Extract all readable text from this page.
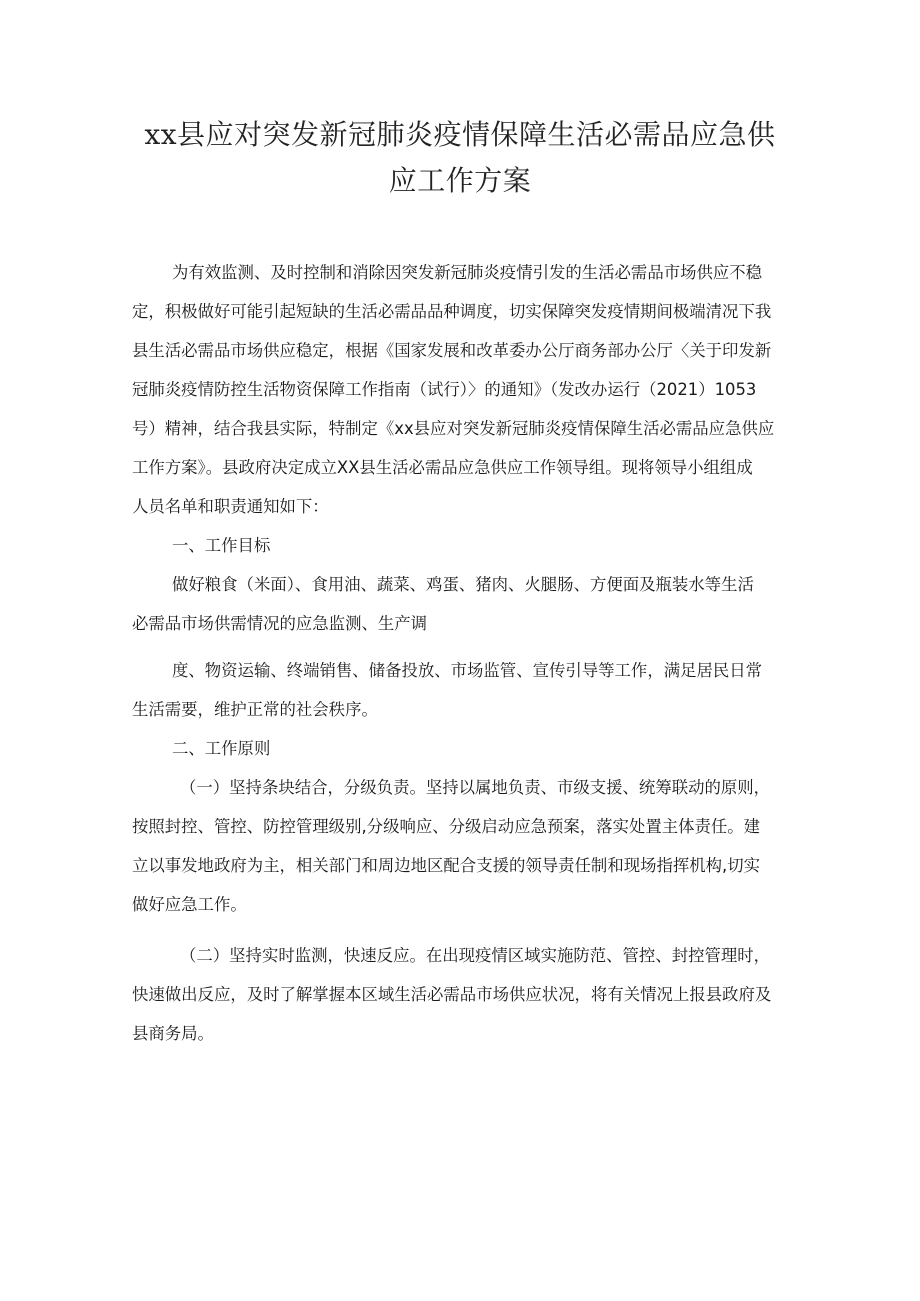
xx县应对突发新冠肺炎疫情保障生活必需品应急供
应工作方案
为有效监测、及时控制和消除因突发新冠肺炎疫情引发的生活必需品市场供应不稳
定，积极做好可能引起短缺的生活必需品品种调度，切实保障突发疫情期间极端清况下我
县生活必需品市场供应稳定，根据《国家发展和改革委办公厅商务部办公厅〈关于印发新
冠肺炎疫情防控生活物资保障工作指南（试行）〉的通知》（发改办运行（2021）1053
号）精神，结合我县实际，特制定《xx县应对突发新冠肺炎疫情保障生活必需品应急供应
工作方案》。县政府决定成立XX县生活必需品应急供应工作领导组。现将领导小组组成
人员名单和职责通知如下：
一、工作目标
做好粮食（米面）、食用油、蔬菜、鸡蛋、猪肉、火腿肠、方便面及瓶装水等生活
必需品市场供需情况的应急监测、生产调
度、物资运输、终端销售、储备投放、市场监管、宣传引导等工作，满足居民日常
生活需要，维护正常的社会秩序。
二、工作原则
（一）坚持条块结合，分级负责。坚持以属地负责、市级支援、统筹联动的原则，
按照封控、管控、防控管理级别,分级响应、分级启动应急预案，落实处置主体责任。建
立以事发地政府为主，相关部门和周边地区配合支援的领导责任制和现场指挥机构,切实
做好应急工作。
（二）坚持实时监测，快速反应。在出现疫情区域实施防范、管控、封控管理时，
快速做出反应，及时了解掌握本区域生活必需品市场供应状况，将有关情况上报县政府及
县商务局。
